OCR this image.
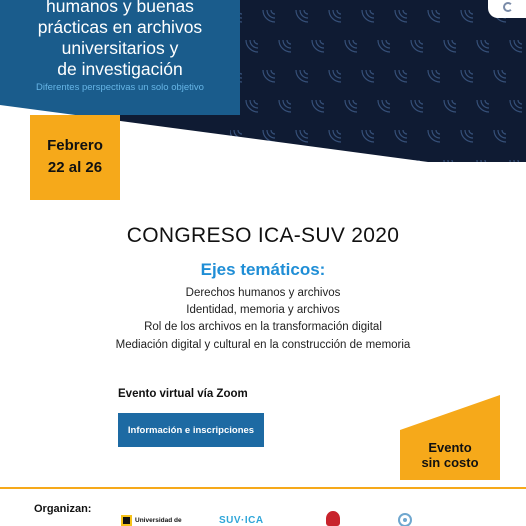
humanos y buenas
prácticas en archivos
universitarios y
de investigación
Diferentes perspectivas un solo objetivo
Febrero
22 al 26
CONGRESO ICA-SUV 2020
Ejes temáticos:
Derechos humanos y archivos
Identidad, memoria y archivos
Rol de los archivos en la transformación digital
Mediación digital y cultural en la construcción de memoria
Evento virtual vía Zoom
Información e inscripciones
Evento
sin costo
Organizan:
Universidad de	SUV·ICA
